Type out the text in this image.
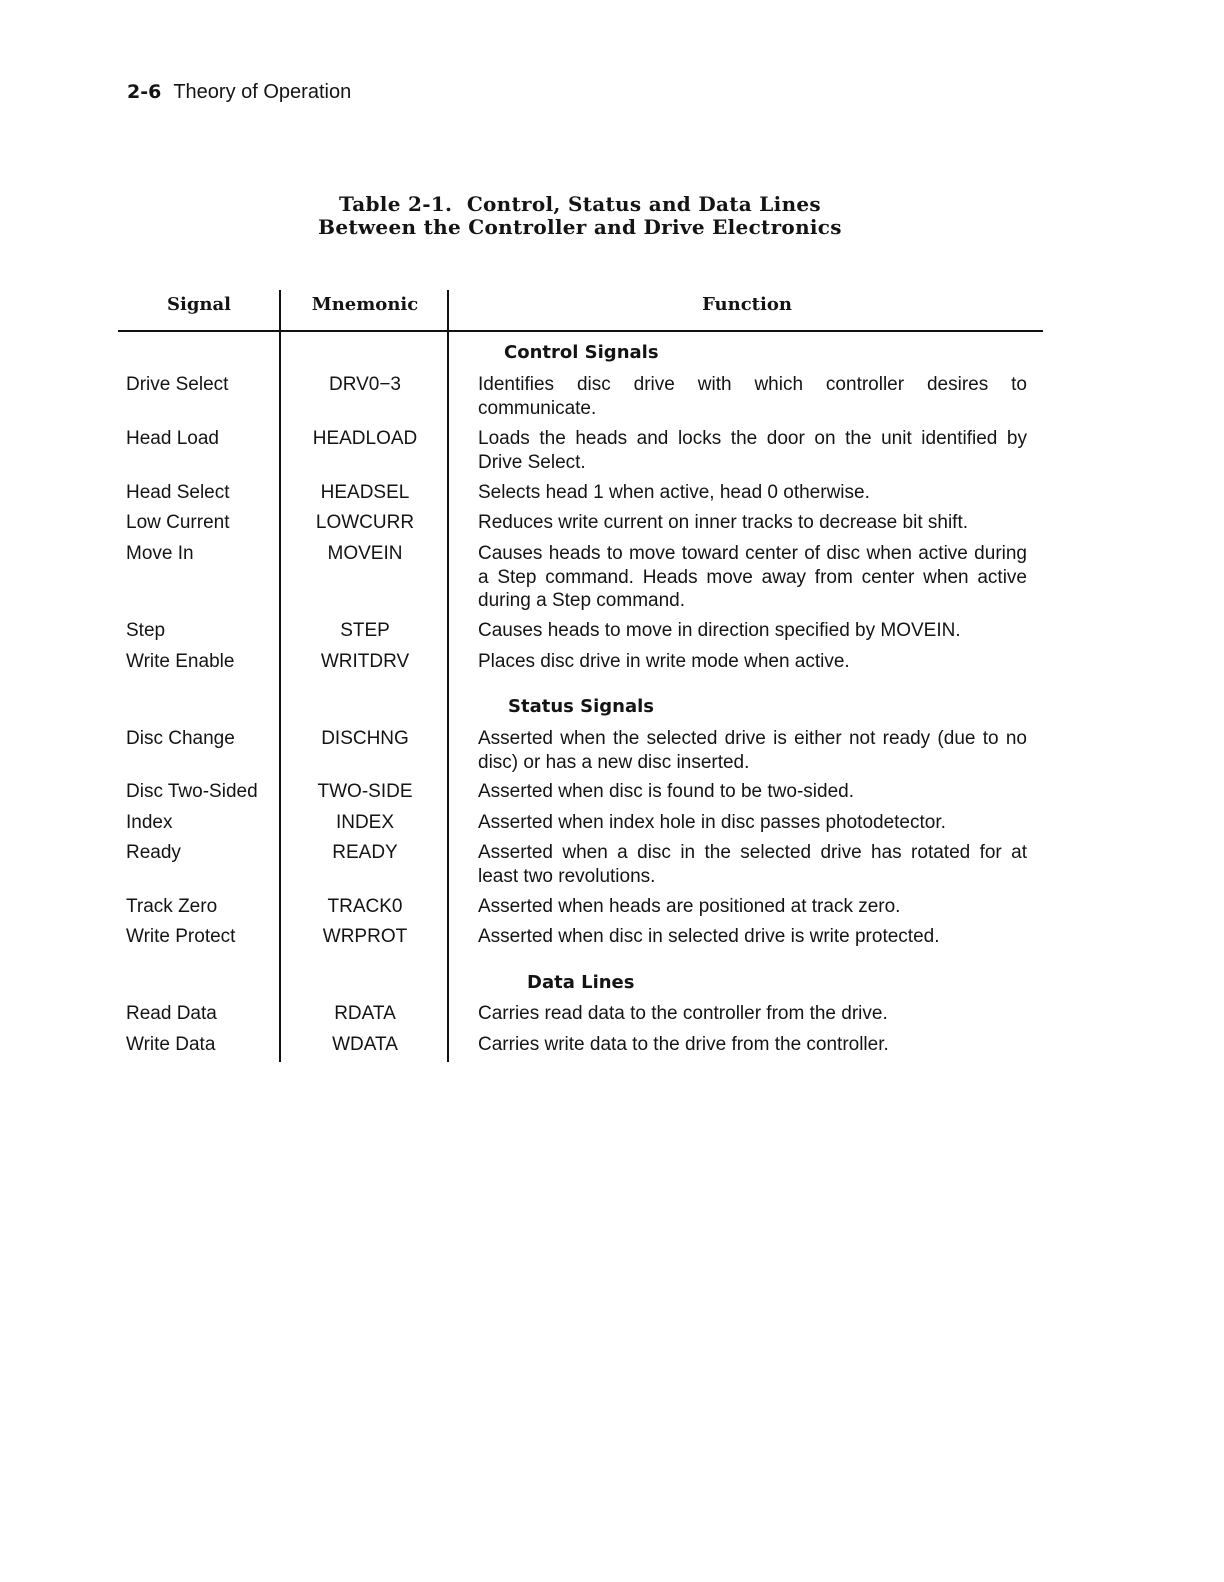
2-6 Theory of Operation
Table 2-1.  Control, Status and Data Lines
Between the Controller and Drive Electronics
Signal	Mnemonic	Function
Control Signals
Drive Select	DRV0−3	Identifies disc drive with which controller desires to communicate.
Head Load	HEADLOAD	Loads the heads and locks the door on the unit identified by Drive Select.
Head Select	HEADSEL	Selects head 1 when active, head 0 otherwise.
Low Current	LOWCURR	Reduces write current on inner tracks to decrease bit shift.
Move In	MOVEIN	Causes heads to move toward center of disc when active during a Step command. Heads move away from center when active during a Step command.
Step	STEP	Causes heads to move in direction specified by MOVEIN.
Write Enable	WRITDRV	Places disc drive in write mode when active.
Status Signals
Disc Change	DISCHNG	Asserted when the selected drive is either not ready (due to no disc) or has a new disc inserted.
Disc Two-Sided	TWO-SIDE	Asserted when disc is found to be two-sided.
Index	INDEX	Asserted when index hole in disc passes photodetector.
Ready	READY	Asserted when a disc in the selected drive has rotated for at least two revolutions.
Track Zero	TRACK0	Asserted when heads are positioned at track zero.
Write Protect	WRPROT	Asserted when disc in selected drive is write protected.
Data Lines
Read Data	RDATA	Carries read data to the controller from the drive.
Write Data	WDATA	Carries write data to the drive from the controller.
